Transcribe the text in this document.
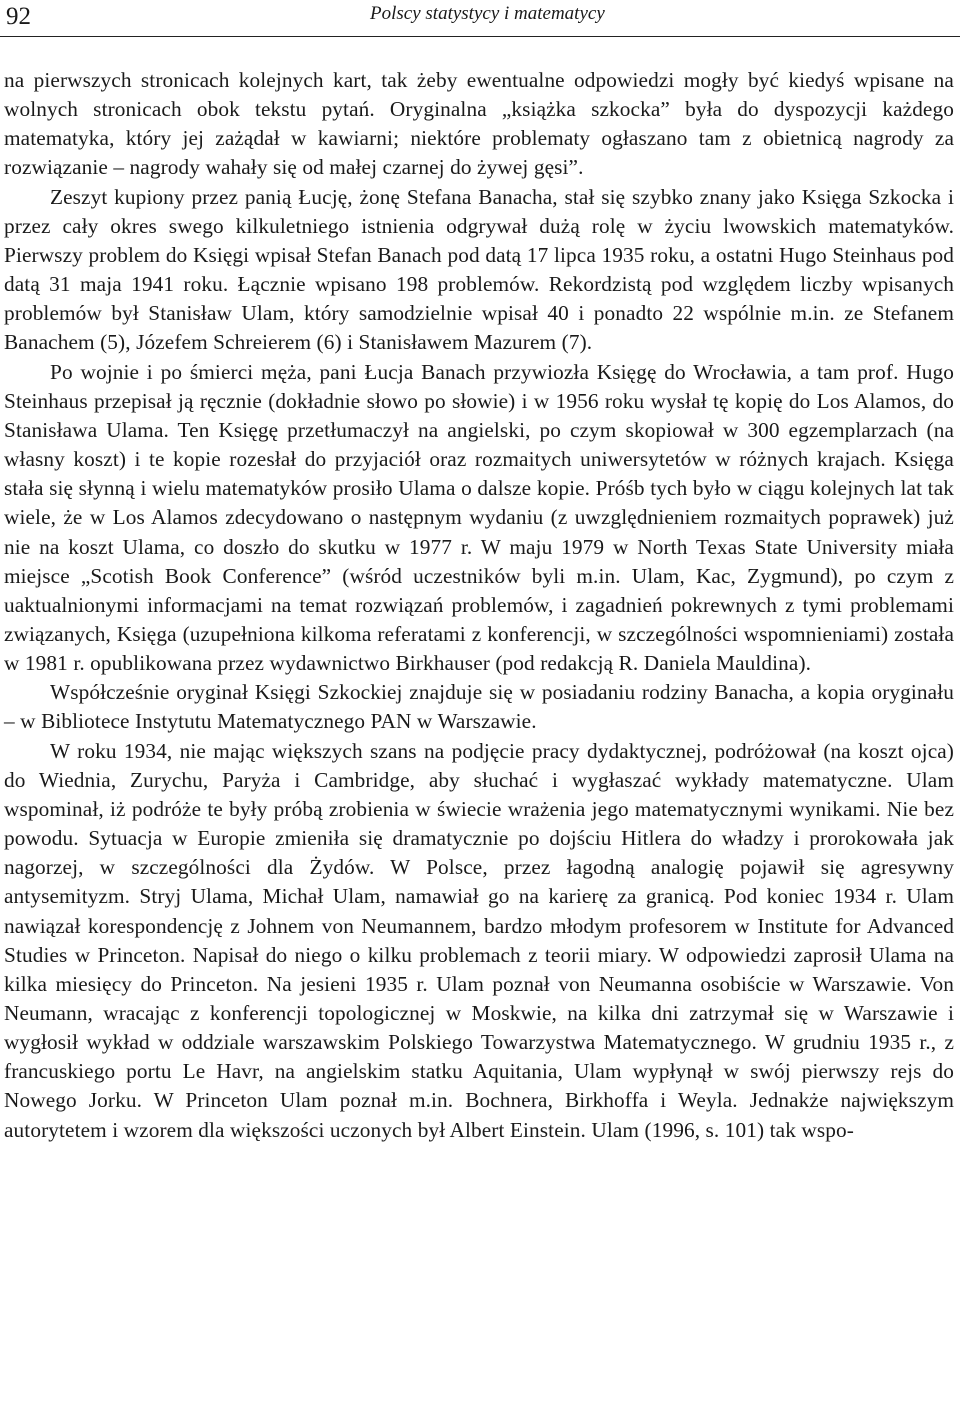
92	Polscy statystycy i matematycy

na pierwszych stronicach kolejnych kart, tak żeby ewentualne odpowiedzi mogły być kiedyś wpisane na wolnych stronicach obok tekstu pytań. Oryginalna „książka szkocka” była do dyspozycji każdego matematyka, który jej zażądał w kawiarni; niektóre problematy ogłaszano tam z obietnicą nagrody za rozwiązanie – nagrody wahały się od małej czarnej do żywej gęsi”.

Zeszyt kupiony przez panią Łucję, żonę Stefana Banacha, stał się szybko znany jako Księga Szkocka i przez cały okres swego kilkuletniego istnienia odgrywał dużą rolę w życiu lwowskich matematyków. Pierwszy problem do Księgi wpisał Stefan Banach pod datą 17 lipca 1935 roku, a ostatni Hugo Steinhaus pod datą 31 maja 1941 roku. Łącznie wpisano 198 problemów. Rekordzistą pod względem liczby wpisanych problemów był Stanisław Ulam, który samodzielnie wpisał 40 i ponadto 22 wspólnie m.in. ze Stefanem Banachem (5), Józefem Schreierem (6) i Stanisławem Mazurem (7).

Po wojnie i po śmierci męża, pani Łucja Banach przywiozła Księgę do Wrocławia, a tam prof. Hugo Steinhaus przepisał ją ręcznie (dokładnie słowo po słowie) i w 1956 roku wysłał tę kopię do Los Alamos, do Stanisława Ulama. Ten Księgę przetłumaczył na angielski, po czym skopiował w 300 egzemplarzach (na własny koszt) i te kopie rozesłał do przyjaciół oraz rozmaitych uniwersytetów w różnych krajach. Księga stała się słynną i wielu matematyków prosiło Ulama o dalsze kopie. Próśb tych było w ciągu kolejnych lat tak wiele, że w Los Alamos zdecydowano o następnym wydaniu (z uwzględnieniem rozmaitych poprawek) już nie na koszt Ulama, co doszło do skutku w 1977 r. W maju 1979 w North Texas State University miała miejsce „Scotish Book Conference” (wśród uczestników byli m.in. Ulam, Kac, Zygmund), po czym z uaktualnionymi informacjami na temat rozwiązań problemów, i zagadnień pokrewnych z tymi problemami związanych, Księga (uzupełniona kilkoma referatami z konferencji, w szczególności wspomnieniami) została w 1981 r. opublikowana przez wydawnictwo Birkhauser (pod redakcją R. Daniela Mauldina).

Współcześnie oryginał Księgi Szkockiej znajduje się w posiadaniu rodziny Banacha, a kopia oryginału – w Bibliotece Instytutu Matematycznego PAN w Warszawie.

W roku 1934, nie mając większych szans na podjęcie pracy dydaktycznej, podróżował (na koszt ojca) do Wiednia, Zurychu, Paryża i Cambridge, aby słuchać i wygłaszać wykłady matematyczne. Ulam wspominał, iż podróże te były próbą zrobienia w świecie wrażenia jego matematycznymi wynikami. Nie bez powodu. Sytuacja w Europie zmieniła się dramatycznie po dojściu Hitlera do władzy i prorokowała jak nagorzej, w szczególności dla Żydów. W Polsce, przez łagodną analogię pojawił się agresywny antysemityzm. Stryj Ulama, Michał Ulam, namawiał go na karierę za granicą. Pod koniec 1934 r. Ulam nawiązał korespondencję z Johnem von Neumannem, bardzo młodym profesorem w Institute for Advanced Studies w Princeton. Napisał do niego o kilku problemach z teorii miary. W odpowiedzi zaprosił Ulama na kilka miesięcy do Princeton. Na jesieni 1935 r. Ulam poznał von Neumanna osobiście w Warszawie. Von Neumann, wracając z konferencji topologicznej w Moskwie, na kilka dni zatrzymał się w Warszawie i wygłosił wykład w oddziale warszawskim Polskiego Towarzystwa Matematycznego. W grudniu 1935 r., z francuskiego portu Le Havr, na angielskim statku Aquitania, Ulam wypłynął w swój pierwszy rejs do Nowego Jorku. W Princeton Ulam poznał m.in. Bochnera, Birkhoffa i Weyla. Jednakże największym autorytetem i wzorem dla większości uczonych był Albert Einstein. Ulam (1996, s. 101) tak wspo-
